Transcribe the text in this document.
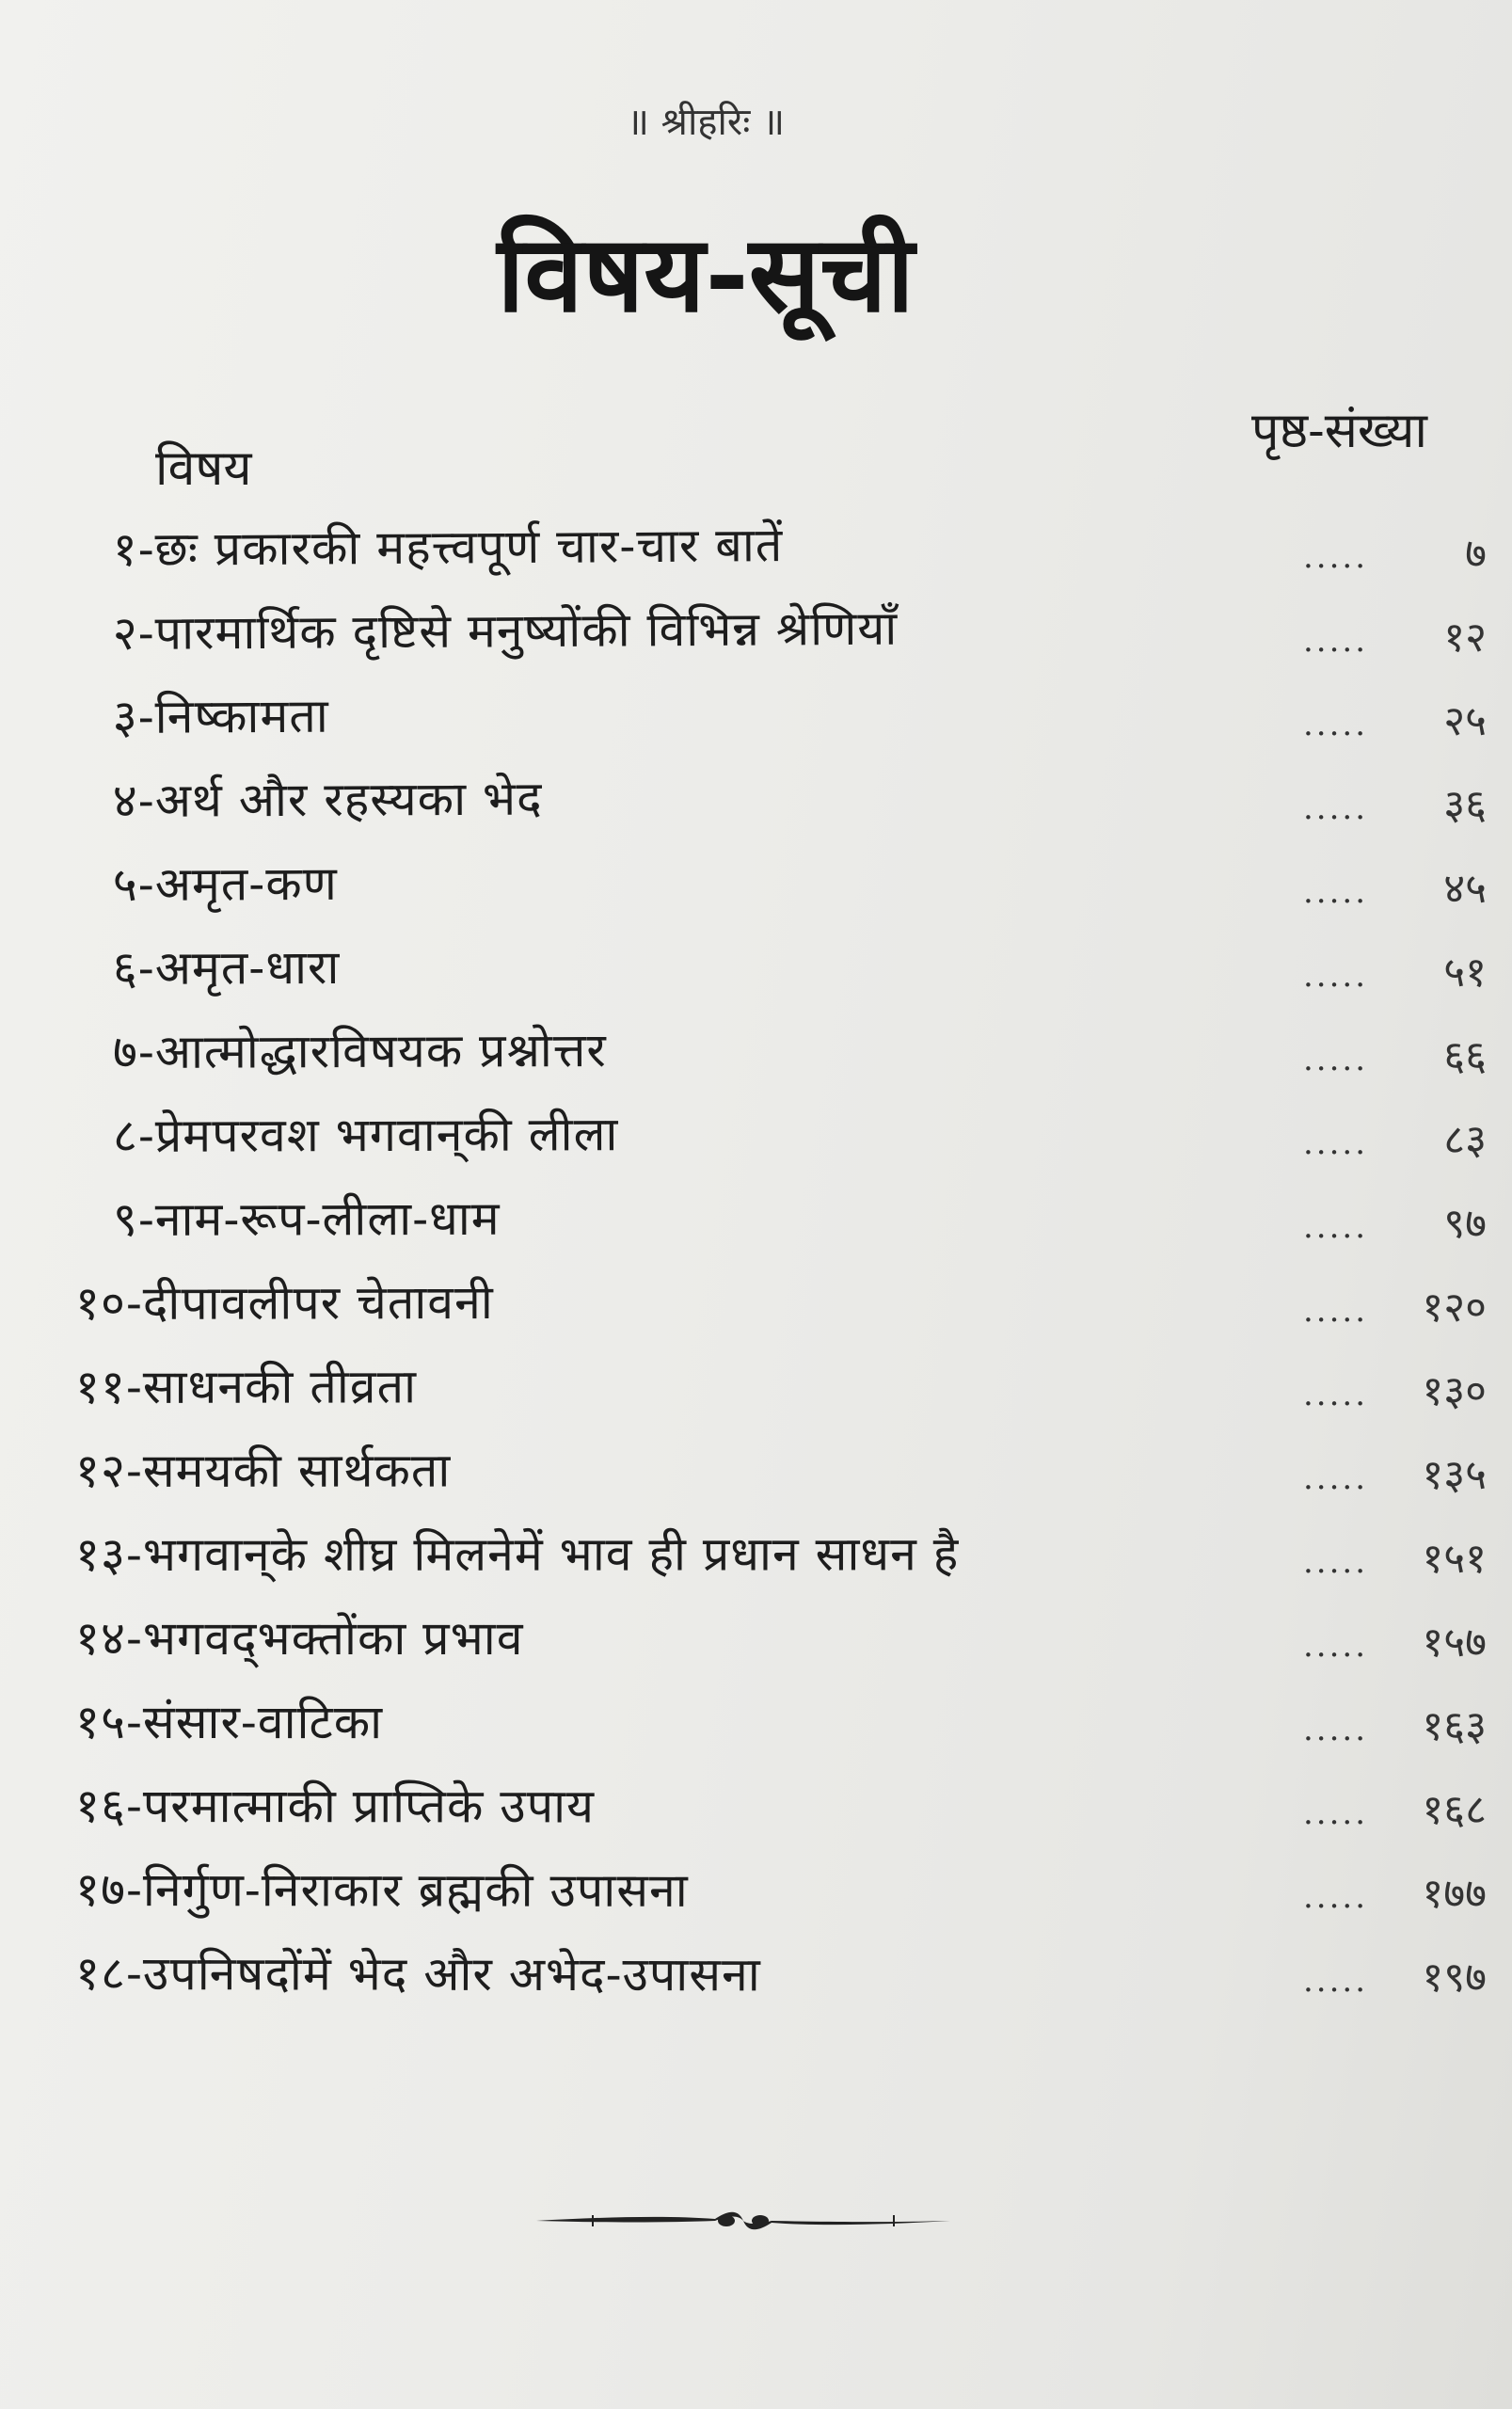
॥ श्रीहरिः ॥
विषय-सूची
विषय
पृष्ठ-संख्या
१-छः प्रकारकी महत्त्वपूर्ण चार-चार बातें	.....	७
२-पारमार्थिक दृष्टिसे मनुष्योंकी विभिन्न श्रेणियाँ	.....	१२
३-निष्कामता	.....	२५
४-अर्थ और रहस्यका भेद	.....	३६
५-अमृत-कण	.....	४५
६-अमृत-धारा	.....	५१
७-आत्मोद्धारविषयक प्रश्नोत्तर	.....	६६
८-प्रेमपरवश भगवान्‌की लीला	.....	८३
९-नाम-रूप-लीला-धाम	.....	९७
१०-दीपावलीपर चेतावनी	.....	१२०
११-साधनकी तीव्रता	.....	१३०
१२-समयकी सार्थकता	.....	१३५
१३-भगवान्‌के शीघ्र मिलनेमें भाव ही प्रधान साधन है	.....	१५१
१४-भगवद्‌भक्तोंका प्रभाव	.....	१५७
१५-संसार-वाटिका	.....	१६३
१६-परमात्माकी प्राप्तिके उपाय	.....	१६८
१७-निर्गुण-निराकार ब्रह्मकी उपासना	.....	१७७
१८-उपनिषदोंमें भेद और अभेद-उपासना	.....	१९७
